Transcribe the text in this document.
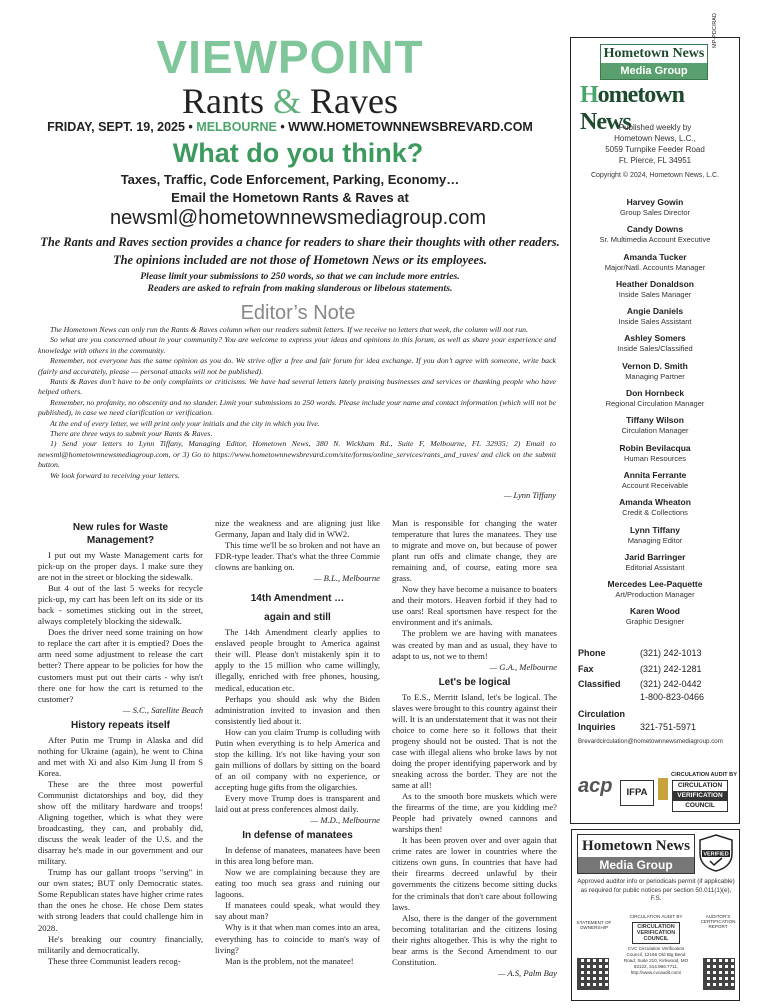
VIEWPOINT
Rants & Raves
FRIDAY, SEPT. 19, 2025 • MELBOURNE • WWW.HOMETOWNNEWSBREVARD.COM
What do you think?
Taxes, Traffic, Code Enforcement, Parking, Economy…
Email the Hometown Rants & Raves at
newsml@hometownnewsmediagroup.com
The Rants and Raves section provides a chance for readers to share their thoughts with other readers.
The opinions included are not those of Hometown News or its employees.
Please limit your submissions to 250 words, so that we can include more entries.
Readers are asked to refrain from making slanderous or libelous statements.
Editor’s Note

The Hometown News can only run the Rants & Raves column when our readers submit letters. If we receive no letters that week, the column will not run.

So what are you concerned about in your community? You are welcome to express your ideas and opinions in this forum, as well as share your experience and knowledge with others in the community.

Remember, not everyone has the same opinion as you do. We strive offer a free and fair forum for idea exchange. If you don’t agree with someone, write back (fairly and accurately, please — personal attacks will not be published).

Rants & Raves don’t have to be only complaints or criticisms. We have had several letters lately praising businesses and services or thanking people who have helped others.

Remember, no profanity, no obscenity and no slander. Limit your submissions to 250 words. Please include your name and contact information (which will not be published), in case we need clarification or verification.

At the end of every letter, we will print only your initials and the city in which you live.

There are three ways to submit your Rants & Raves.

1) Send your letters to Lynn Tiffany, Managing Editor, Hometown News, 380 N. Wickham Rd., Suite F, Melbourne, FL 32935; 2) Email to newsml@hometownnewsmediagroup.com, or 3) Go to https://www.hometownnewsbrevard.com/site/forms/online_services/rants_and_raves/ and click on the submit button.

We look forward to receiving your letters.

— Lynn Tiffany
New rules for Waste Management?

I put out my Waste Management carts for pick-up on the proper days. I make sure they are not in the street or blocking the sidewalk.

But 4 out of the last 5 weeks for recycle pick-up, my cart has been left on its side or its back - sometimes sticking out in the street, always completely blocking the sidewalk.

Does the driver need some training on how to replace the cart after it is emptied? Does the arm need some adjustment to release the cart better? There appear to be policies for how the customers must put out their carts - why isn't there one for how the cart is returned to the customer?

— S.C., Satellite Beach

History repeats itself

After Putin me Trump in Alaska and did nothing for Ukraine (again), he went to China and met with Xi and also Kim Jung Il from S Korea.

These are the three most powerful Communist dictatorships and boy, did they show off the military hardware and troops! Aligning together, which is what they were broadcasting, they can, and probably did, discuss the weak leader of the U.S. and the disarray he's made in our government and our military.

Trump has our gallant troops "serving" in our own states; BUT only Democratic states. Some Republican states have higher crime rates than the ones he chose. He chose Dem states with strong leaders that could challenge him in 2028.

He's breaking our country financially, militarily and democratically.

These three Communist leaders recog-

nize the weakness and are aligning just like Germany, Japan and Italy did in WW2.

This time we'll be so broken and not have an FDR-type leader. That's what the three Commie clowns are banking on.

— B.L., Melbourne

14th Amendment …
again and still

The 14th Amendment clearly applies to enslaved people brought to America against their will. Please don't mistakenly spin it to apply to the 15 million who came willingly, illegally, enriched with free phones, housing, medical, education etc.

Perhaps you should ask why the Biden administration invited to invasion and then consistently lied about it.

How can you claim Trump is colluding with Putin when everything is to help America and stop the killing. It's not like having your son gain millions of dollars by sitting on the board of an oil company with no experience, or accepting huge gifts from the oligarchies.

Every move Trump does is transparent and laid out at press conferences almost daily.

— M.D., Melbourne

In defense of manatees

In defense of manatees, manatees have been in this area long before man.

Now we are complaining because they are eating too much sea grass and ruining our lagoons.

If manatees could speak, what would they say about man?

Why is it that when man comes into an area, everything has to coincide to man's way of living?

Man is the problem, not the manatee!

Man is responsible for changing the water temperature that lures the manatees. They use to migrate and move on, but because of power plant run offs and climate change, they are remaining and, of course, eating more sea grass.

Now they have become a nuisance to boaters and their motors. Heaven forbid if they had to use oars! Real sportsmen have respect for the environment and it's animals.

The problem we are having with manatees was created by man and as usual, they have to adapt to us, not we to them!

— G.A., Melbourne

Let's be logical

To E.S., Merritt Island, let's be logical. The slaves were brought to this country against their will. It is an understatement that it was not their choice to come here so it follows that their progeny should not be ousted. That is not the case with illegal aliens who broke laws by not doing the proper identifying paperwork and by sneaking across the border. They are not the same at all!

As to the smooth bore muskets which were the firearms of the time, are you kidding me? People had privately owned cannons and warships then!

It has been proven over and over again that crime rates are lower in countries where the citizens own guns. In countries that have had their firearms decreed unlawful by their governments the citizens become sitting ducks for the criminals that don't care about following laws.

Also, there is the danger of the government becoming totalitarian and the citizens losing their rights altogether. This is why the right to bear arms is the Second Amendment to our Constitution.

— A.S, Palm Bay

Hometown News
Media Group
MP-PDC/RAD
Hometown News
Published weekly by
Hometown News, L.C.,
5059 Turnpike Feeder Road
Ft. Pierce, FL 34951
Copyright © 2024, Hometown News, L.C.
Harvey Gowin
Group Sales Director
Candy Downs
Sr. Multimedia Account Executive
Amanda Tucker
Major/Natl. Accounts Manager
Heather Donaldson
Inside Sales Manager
Angie Daniels
Inside Sales Assistant
Ashley Somers
Inside Sales/Classified
Vernon D. Smith
Managing Partner
Don Hornbeck
Regional Circulation Manager
Tiffany Wilson
Circulation Manager
Robin Bevilacqua
Human Resources
Annita Ferrante
Account Receivable
Amanda Wheaton
Credit & Collections
Lynn Tiffany
Managing Editor
Jarid Barringer
Editorial Assistant
Mercedes Lee-Paquette
Art/Production Manager
Karen Wood
Graphic Designer
Phone	(321) 242-1013
Fax	(321) 242-1281
Classified	(321) 242-0442
1-800-823-0466
Circulation
Inquiries	321-751-5971
Brevardcirculation@hometownnewsmediagroup.com
acp	IFPA
CIRCULATION AUDIT BY
CIRCULATION
VERIFICATION
COUNCIL
Hometown News
Media Group
VERIFIED
Approved auditor info or periodicals permit (if applicable) as required for public notices per section 50.011(1)(e), F.S.
STATEMENT OF OWNERSHIP
CIRCULATION AUDIT BY
CIRCULATION VERIFICATION COUNCIL
CVC Circulation Verification Council, 12166 Old Big Bend Road, Suite 210, Kirkwood, MO 63122, 314.966.7711, http://www.cvcaudit.com/
AUDITOR'S CERTIFICATION REPORT
